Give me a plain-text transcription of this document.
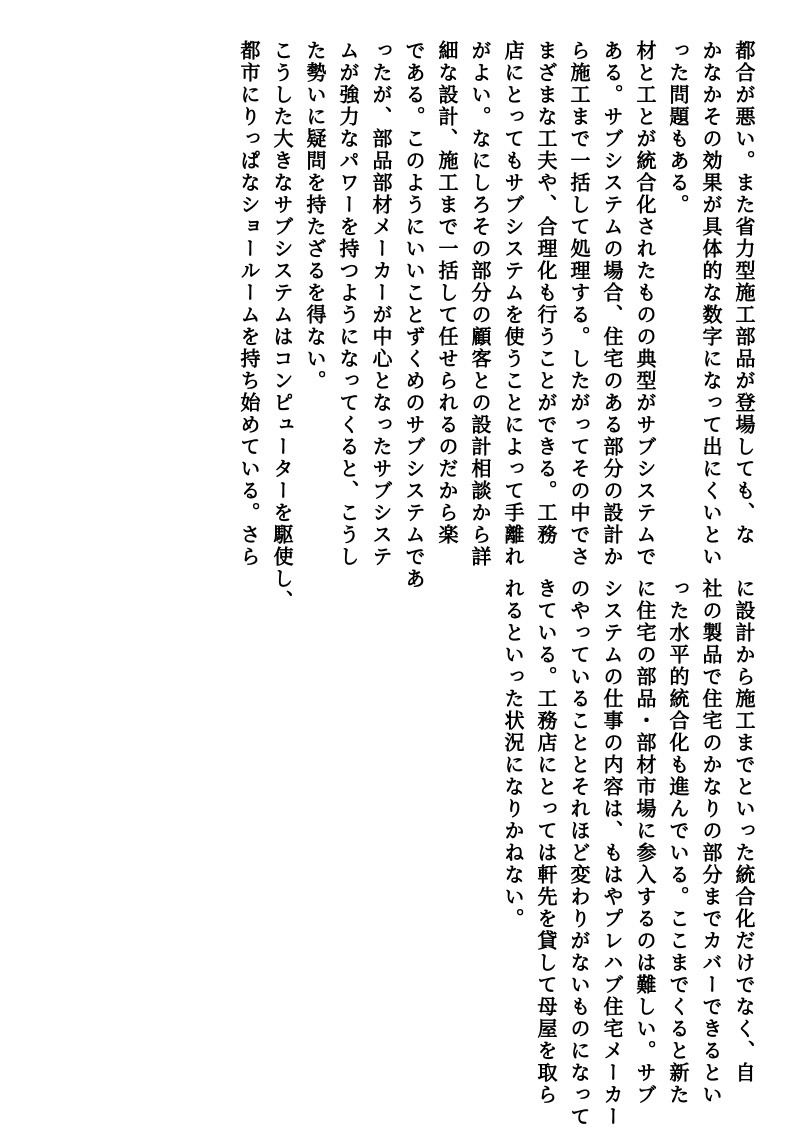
都合が悪い。また省力型施工部品が登場しても、な
かなかその効果が具体的な数字になって出にくいとい
った問題もある。
材と工とが統合化されたものの典型がサブシステムで
ある。サブシステムの場合、住宅のある部分の設計か
ら施工まで一括して処理する。したがってその中でさ
まざまな工夫や、合理化も行うことができる。工務
店にとってもサブシステムを使うことによって手離れ
がよい。なにしろその部分の顧客との設計相談から詳
細な設計、施工まで一括して任せられるのだから楽
である。このようにいいことずくめのサブシステムであ
ったが、部品部材メーカーが中心となったサブシステ
ムが強力なパワーを持つようになってくると、こうし
た勢いに疑問を持たざるを得ない。
こうした大きなサブシステムはコンピューターを駆使し、
都市にりっぱなショールームを持ち始めている。さら
に設計から施工までといった統合化だけでなく、自
社の製品で住宅のかなりの部分までカバーできるとい
った水平的統合化も進んでいる。ここまでくると新た
に住宅の部品・部材市場に参入するのは難しい。サブ
システムの仕事の内容は、もはやプレハブ住宅メーカー
のやっていることとそれほど変わりがないものになって
きている。工務店にとっては軒先を貸して母屋を取ら
れるといった状況になりかねない。
